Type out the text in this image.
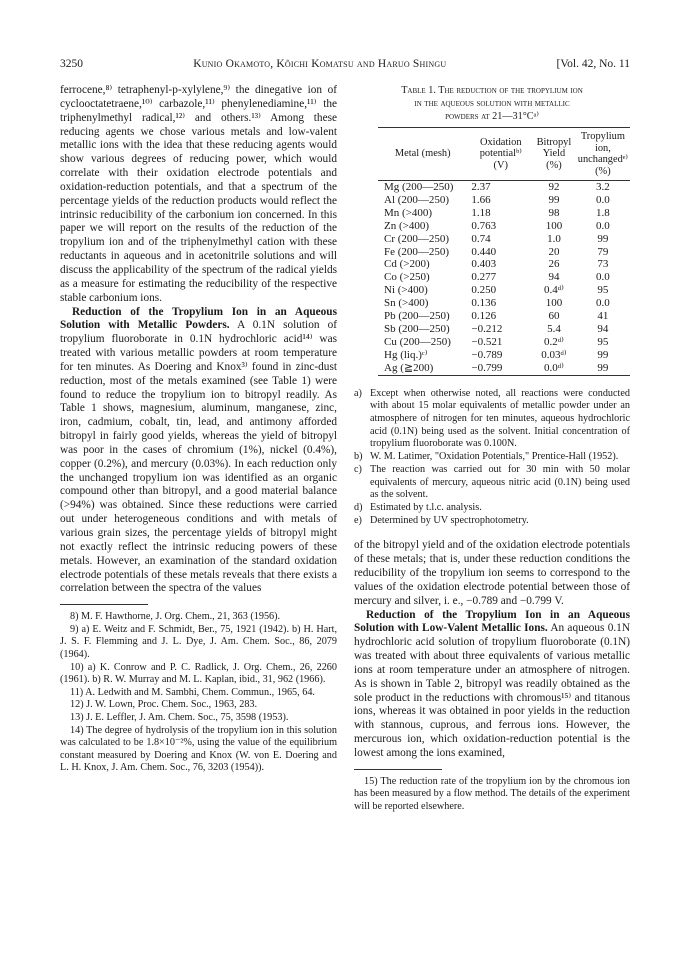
3250	Kunio Okamoto, Kôichi Komatsu and Haruo Shingu	[Vol. 42, No. 11

ferrocene,⁸⁾ tetraphenyl-p-xylylene,⁹⁾ the dinegative ion of cyclooctatetraene,¹⁰⁾ carbazole,¹¹⁾ phenylenediamine,¹¹⁾ the triphenylmethyl radical,¹²⁾ and others.¹³⁾ Among these reducing agents we chose various metals and low-valent metallic ions with the idea that these reducing agents would show various degrees of reducing power, which would correlate with their oxidation electrode potentials and oxidation-reduction potentials, and that a spectrum of the percentage yields of the reduction products would reflect the intrinsic reducibility of the carbonium ion concerned. In this paper we will report on the results of the reduction of the tropylium ion and of the triphenylmethyl cation with these reductants in aqueous and in acetonitrile solutions and will discuss the applicability of the spectrum of the radical yields as a measure for estimating the reducibility of the respective stable carbonium ions.

Reduction of the Tropylium Ion in an Aqueous Solution with Metallic Powders. A 0.1N solution of tropylium fluoroborate in 0.1N hydrochloric acid¹⁴⁾ was treated with various metallic powders at room temperature for ten minutes. As Doering and Knox³⁾ found in zinc-dust reduction, most of the metals examined (see Table 1) were found to reduce the tropylium ion to bitropyl readily. As Table 1 shows, magnesium, aluminum, manganese, zinc, iron, cadmium, cobalt, tin, lead, and antimony afforded bitropyl in fairly good yields, whereas the yield of bitropyl was poor in the cases of chromium (1%), nickel (0.4%), copper (0.2%), and mercury (0.03%). In each reduction only the unchanged tropylium ion was identified as an organic compound other than bitropyl, and a good material balance (>94%) was obtained. Since these reductions were carried out under heterogeneous conditions and with metals of various grain sizes, the percentage yields of bitropyl might not exactly reflect the intrinsic reducing powers of these metals. However, an examination of the standard oxidation electrode potentials of these metals reveals that there exists a correlation between the spectra of the values

8) M. F. Hawthorne, J. Org. Chem., 21, 363 (1956).

9) a) E. Weitz and F. Schmidt, Ber., 75, 1921 (1942). b) H. Hart, J. S. F. Flemming and J. L. Dye, J. Am. Chem. Soc., 86, 2079 (1964).

10) a) K. Conrow and P. C. Radlick, J. Org. Chem., 26, 2260 (1961). b) R. W. Murray and M. L. Kaplan, ibid., 31, 962 (1966).

11) A. Ledwith and M. Sambhi, Chem. Commun., 1965, 64.

12) J. W. Lown, Proc. Chem. Soc., 1963, 283.

13) J. E. Leffler, J. Am. Chem. Soc., 75, 3598 (1953).

14) The degree of hydrolysis of the tropylium ion in this solution was calculated to be 1.8×10⁻²%, using the value of the equilibrium constant measured by Doering and Knox (W. von E. Doering and L. H. Knox, J. Am. Chem. Soc., 76, 3203 (1954)).

Table 1. The reduction of the tropylium ion
in the aqueous solution with metallic
powders at 21—31°Cᵃ⁾
Metal (mesh)	Oxidation potentialᵇ⁾ (V)	Bitropyl Yield (%)	Tropylium ion, unchangedᵉ⁾ (%)
Mg (200—250)	2.37	92	3.2
Al (200—250)	1.66	99	0.0
Mn (>400)	1.18	98	1.8
Zn (>400)	0.763	100	0.0
Cr (200—250)	0.74	1.0	99
Fe (200—250)	0.440	20	79
Cd (>200)	0.403	26	73
Co (>250)	0.277	94	0.0
Ni (>400)	0.250	0.4ᵈ⁾	95
Sn (>400)	0.136	100	0.0
Pb (200—250)	0.126	60	41
Sb (200—250)	−0.212	5.4	94
Cu (200—250)	−0.521	0.2ᵈ⁾	95
Hg (liq.)ᶜ⁾	−0.789	0.03ᵈ⁾	99
Ag (≧200)	−0.799	0.0ᵈ⁾	99
a) Except when otherwise noted, all reactions were conducted with about 15 molar equivalents of metallic powder under an atmosphere of nitrogen for ten minutes, aqueous hydrochloric acid (0.1N) being used as the solvent. Initial concentration of tropylium fluoroborate was 0.100N.
b) W. M. Latimer, "Oxidation Potentials," Prentice-Hall (1952).
c) The reaction was carried out for 30 min with 50 molar equivalents of mercury, aqueous nitric acid (0.1N) being used as the solvent.
d) Estimated by t.l.c. analysis.
e) Determined by UV spectrophotometry.

of the bitropyl yield and of the oxidation electrode potentials of these metals; that is, under these reduction conditions the reducibility of the tropylium ion seems to correspond to the values of the oxidation electrode potential between those of mercury and silver, i. e., −0.789 and −0.799 V.

Reduction of the Tropylium Ion in an Aqueous Solution with Low-Valent Metallic Ions. An aqueous 0.1N hydrochloric acid solution of tropylium fluoroborate (0.1N) was treated with about three equivalents of various metallic ions at room temperature under an atmosphere of nitrogen. As is shown in Table 2, bitropyl was readily obtained as the sole product in the reductions with chromous¹⁵⁾ and titanous ions, whereas it was obtained in poor yields in the reduction with stannous, cuprous, and ferrous ions. However, the mercurous ion, which oxidation-reduction potential is the lowest among the ions examined,

15) The reduction rate of the tropylium ion by the chromous ion has been measured by a flow method. The details of the experiment will be reported elsewhere.
